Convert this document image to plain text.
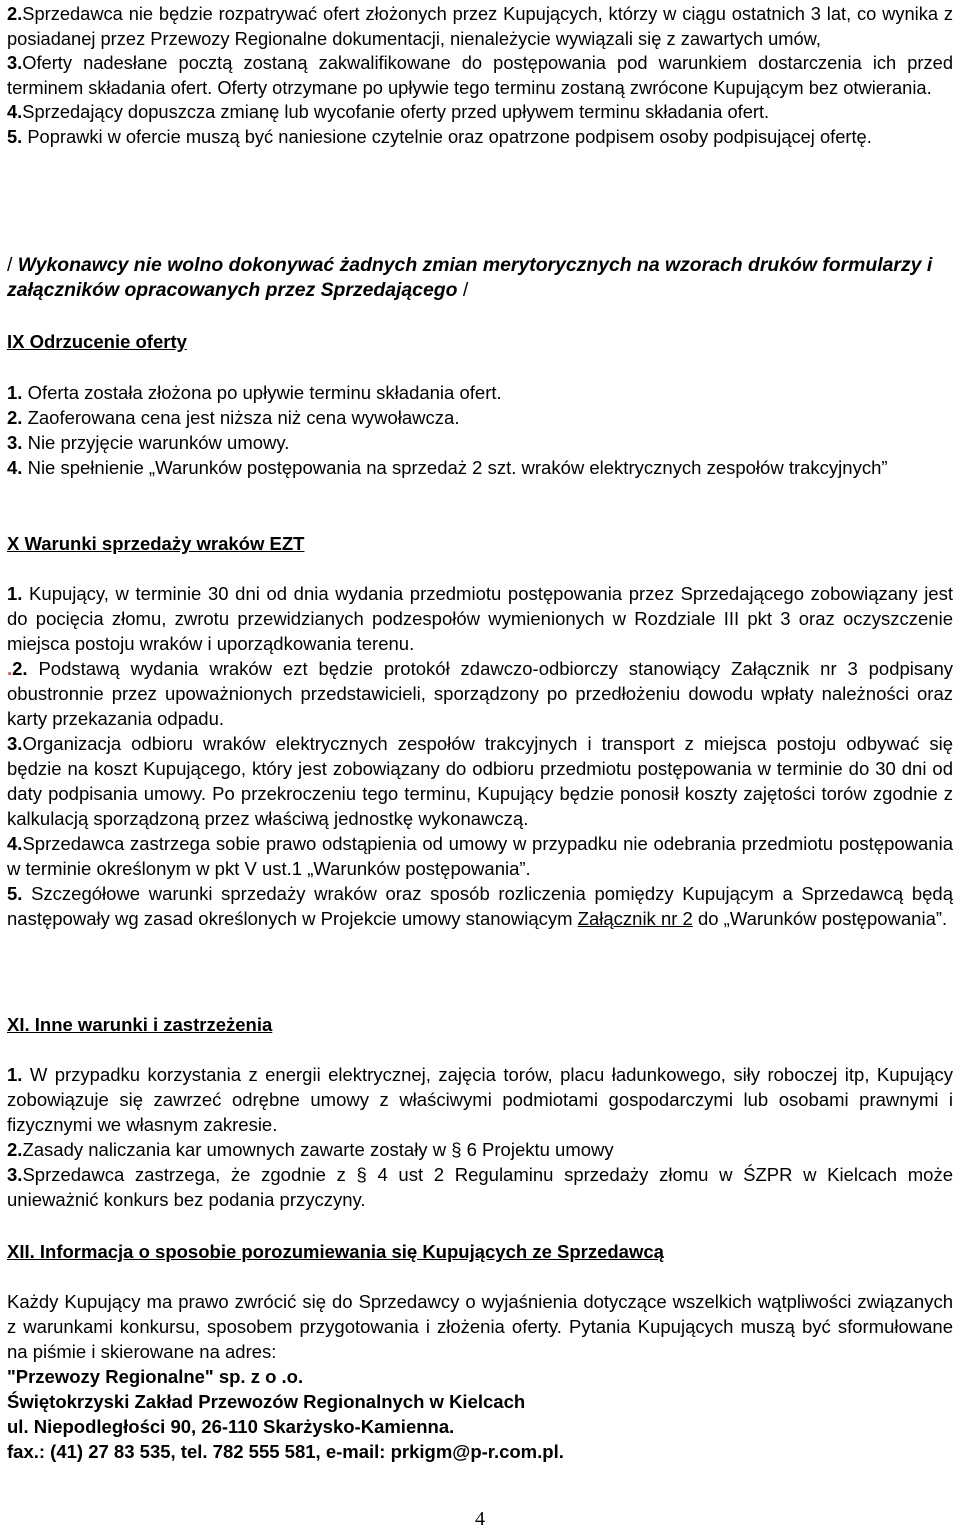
2.Sprzedawca nie będzie rozpatrywać ofert złożonych przez Kupujących, którzy w ciągu ostatnich 3 lat, co wynika z posiadanej przez Przewozy Regionalne dokumentacji, nienależycie wywiązali się z zawartych umów,

3.Oferty nadesłane pocztą zostaną zakwalifikowane do postępowania pod warunkiem dostarczenia ich przed terminem składania ofert. Oferty otrzymane po upływie tego terminu zostaną zwrócone Kupującym bez otwierania.

4.Sprzedający dopuszcza zmianę lub wycofanie oferty przed upływem terminu składania ofert.

5. Poprawki w ofercie muszą być naniesione czytelnie oraz opatrzone podpisem osoby podpisującej ofertę.

/ Wykonawcy nie wolno dokonywać żadnych zmian merytorycznych na wzorach druków formularzy i załączników opracowanych przez Sprzedającego /

IX Odrzucenie oferty

1. Oferta została złożona po upływie terminu składania ofert.

2. Zaoferowana cena jest niższa niż cena wywoławcza.

3. Nie przyjęcie warunków umowy.

4. Nie spełnienie „Warunków postępowania na sprzedaż 2 szt. wraków elektrycznych zespołów trakcyjnych”

X Warunki sprzedaży wraków EZT

1. Kupujący, w terminie 30 dni od dnia wydania przedmiotu postępowania przez Sprzedającego zobowiązany jest do pocięcia złomu, zwrotu przewidzianych podzespołów wymienionych w Rozdziale III pkt 3 oraz oczyszczenie miejsca postoju wraków i uporządkowania terenu.

.2. Podstawą wydania wraków ezt będzie protokół zdawczo-odbiorczy stanowiący Załącznik nr 3 podpisany obustronnie przez upoważnionych przedstawicieli, sporządzony po przedłożeniu dowodu wpłaty należności oraz karty przekazania odpadu.

3.Organizacja odbioru wraków elektrycznych zespołów trakcyjnych i transport z miejsca postoju odbywać się będzie na koszt Kupującego, który jest zobowiązany do odbioru przedmiotu postępowania w terminie do 30 dni od daty podpisania umowy. Po przekroczeniu tego terminu, Kupujący będzie ponosił koszty zajętości torów zgodnie z kalkulacją sporządzoną przez właściwą jednostkę wykonawczą.

4.Sprzedawca zastrzega sobie prawo odstąpienia od umowy w przypadku nie odebrania przedmiotu postępowania w terminie określonym w pkt V ust.1 „Warunków postępowania”.

5. Szczegółowe warunki sprzedaży wraków oraz sposób rozliczenia pomiędzy Kupującym a Sprzedawcą będą następowały wg zasad określonych w Projekcie umowy stanowiącym Załącznik nr 2 do „Warunków postępowania”.

XI. Inne warunki i zastrzeżenia

1. W przypadku korzystania z energii elektrycznej, zajęcia torów, placu ładunkowego, siły roboczej itp, Kupujący zobowiązuje się zawrzeć odrębne umowy z właściwymi podmiotami gospodarczymi lub osobami prawnymi i fizycznymi we własnym zakresie.

2.Zasady naliczania kar umownych zawarte zostały w § 6 Projektu umowy

3.Sprzedawca zastrzega, że zgodnie z § 4 ust 2 Regulaminu sprzedaży złomu w ŚZPR w Kielcach może unieważnić konkurs bez podania przyczyny.

XII. Informacja o sposobie porozumiewania się Kupujących ze Sprzedawcą

Każdy Kupujący ma prawo zwrócić się do Sprzedawcy o wyjaśnienia dotyczące wszelkich wątpliwości związanych z warunkami konkursu, sposobem przygotowania i złożenia oferty. Pytania Kupujących muszą być sformułowane na piśmie i skierowane na adres:

"Przewozy Regionalne" sp. z o .o.

Świętokrzyski Zakład Przewozów Regionalnych w Kielcach

ul. Niepodległości 90, 26-110 Skarżysko-Kamienna.

fax.: (41) 27 83 535, tel. 782 555 581, e-mail: prkigm@p-r.com.pl.

4
